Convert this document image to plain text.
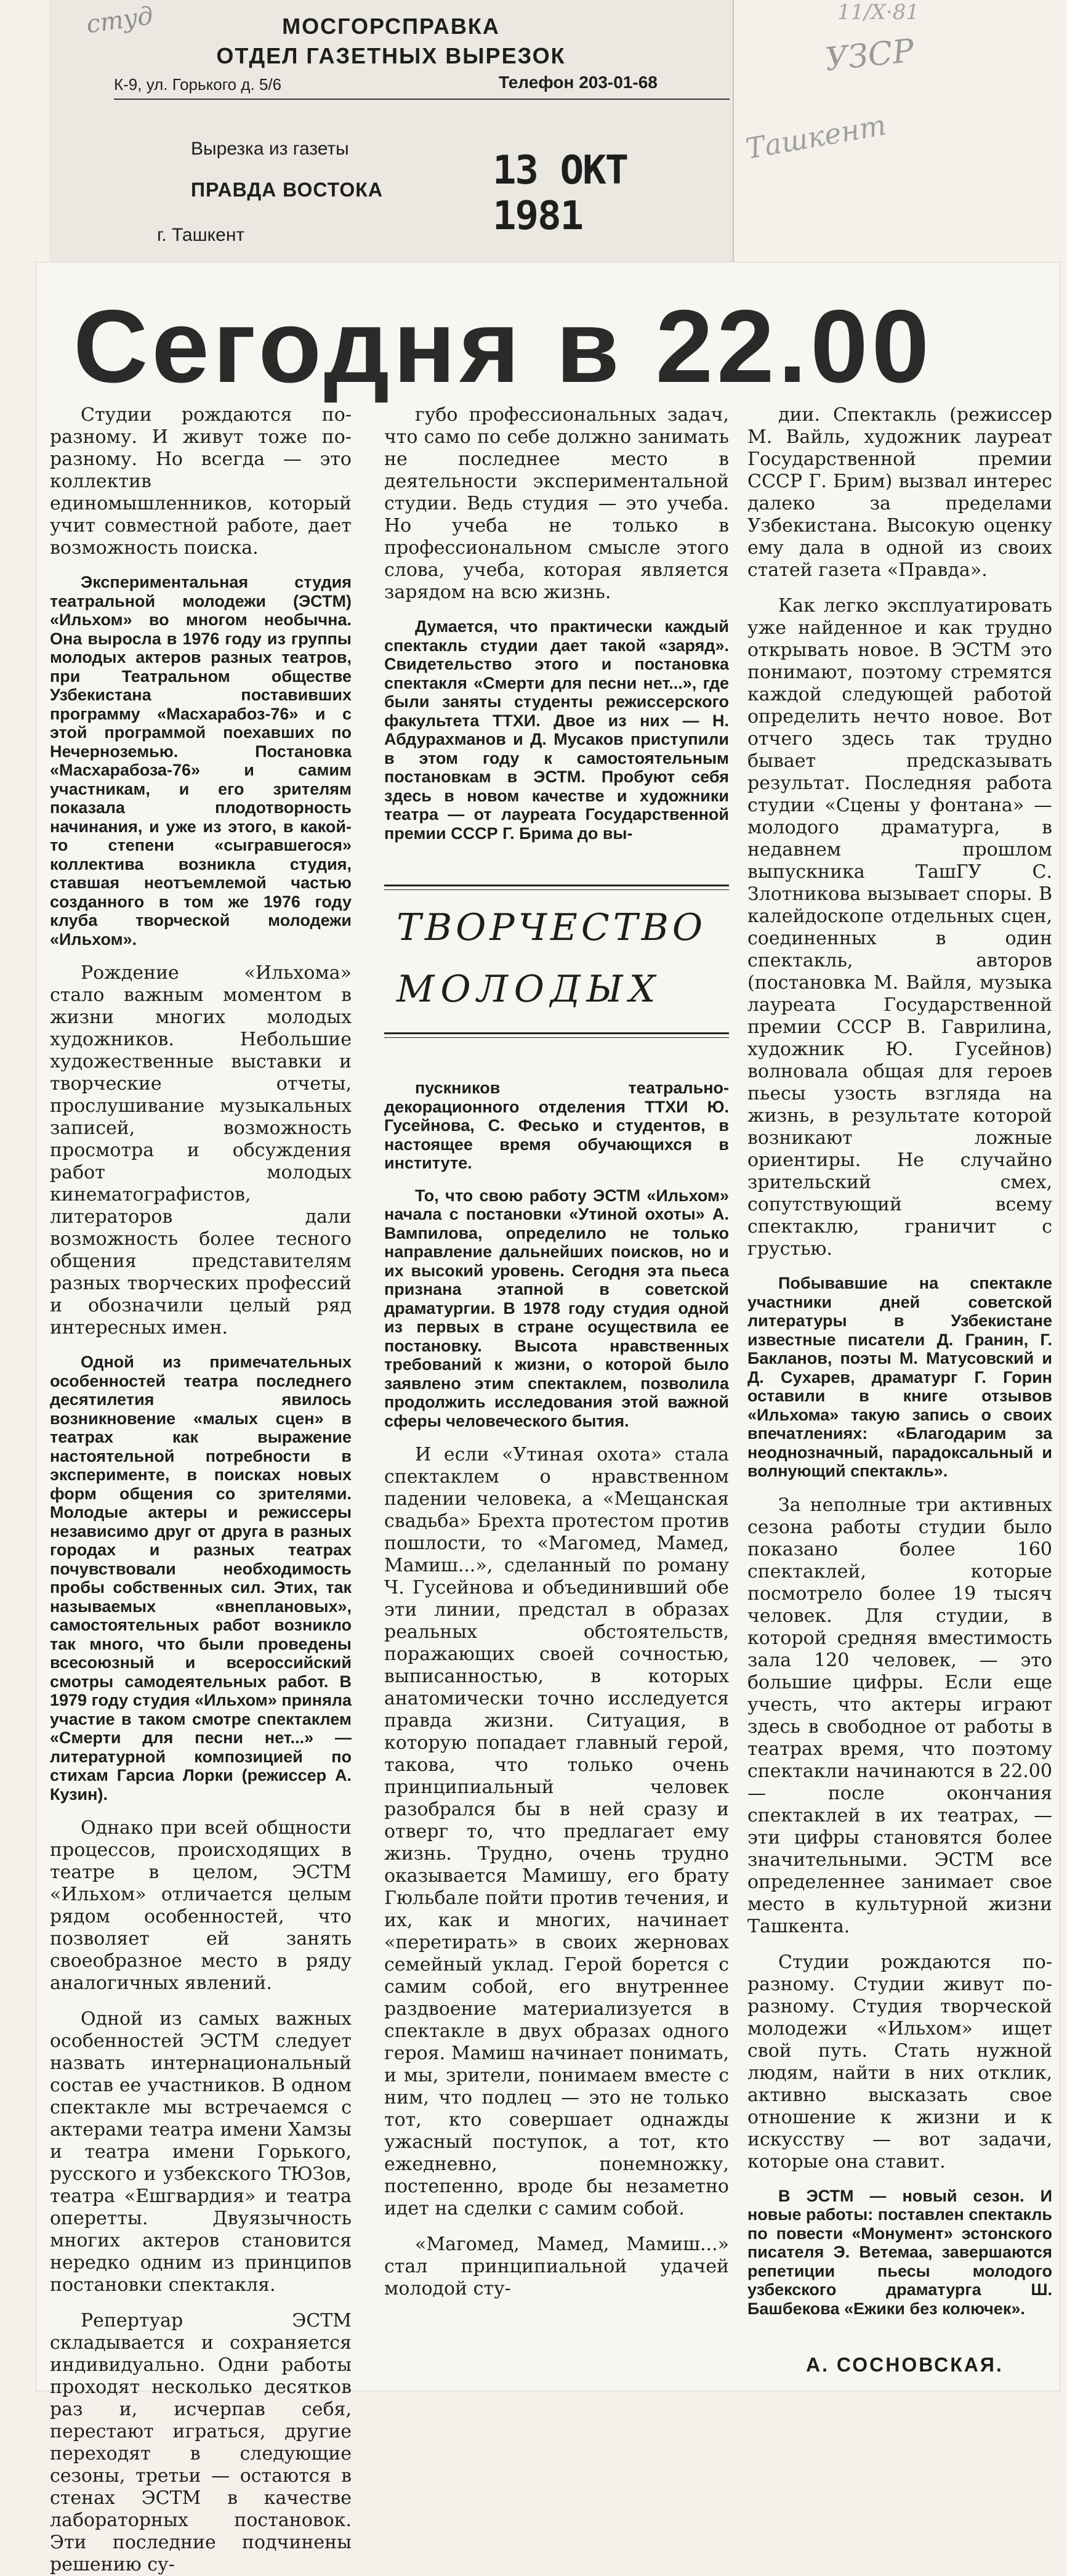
МОСГОРСПРАВКА
ОТДЕЛ ГАЗЕТНЫХ ВЫРЕЗОК
К-9, ул. Горького д. 5/6	Телефон 203-01-68
Вырезка из газеты
ПРАВДА ВОСТОКА	13 ОКТ 1981
г. Ташкент
студ
УЗСР
Ташкент
11/Х·81
Сегодня в 22.00

Студии рождаются по-разному. И живут тоже по-разному. Но всегда — это коллектив единомышленников, который учит совместной работе, дает возможность поиска.

Экспериментальная студия театральной молодежи (ЭСТМ) «Ильхом» во многом необычна. Она выросла в 1976 году из группы молодых актеров разных театров, при Театральном обществе Узбекистана поставивших программу «Масхарабоз-76» и с этой программой поехавших по Нечерноземью. Постановка «Масхарабоза-76» и самим участникам, и его зрителям показала плодотворность начинания, и уже из этого, в какой-то степени «сыгравшегося» коллектива возникла студия, ставшая неотъемлемой частью созданного в том же 1976 году клуба творческой молодежи «Ильхом».

Рождение «Ильхома» стало важным моментом в жизни многих молодых художников. Небольшие художественные выставки и творческие отчеты, прослушивание музыкальных записей, возможность просмотра и обсуждения работ молодых кинематографистов, литераторов дали возможность более тесного общения представителям разных творческих профессий и обозначили целый ряд интересных имен.

Одной из примечательных особенностей театра последнего десятилетия явилось возникновение «малых сцен» в театрах как выражение настоятельной потребности в эксперименте, в поисках новых форм общения со зрителями. Молодые актеры и режиссеры независимо друг от друга в разных городах и разных театрах почувствовали необходимость пробы собственных сил. Этих, так называемых «внеплановых», самостоятельных работ возникло так много, что были проведены всесоюзный и всероссийский смотры самодеятельных работ. В 1979 году студия «Ильхом» приняла участие в таком смотре спектаклем «Смерти для песни нет...» — литературной композицией по стихам Гарсиа Лорки (режиссер А. Кузин).

Однако при всей общности процессов, происходящих в театре в целом, ЭСТМ «Ильхом» отличается целым рядом особенностей, что позволяет ей занять своеобразное место в ряду аналогичных явлений.

Одной из самых важных особенностей ЭСТМ следует назвать интернациональный состав ее участников. В одном спектакле мы встречаемся с актерами театра имени Хамзы и театра имени Горького, русского и узбекского ТЮЗов, театра «Ешгвардия» и театра оперетты. Двуязычность многих актеров становится нередко одним из принципов постановки спектакля.

Репертуар ЭСТМ складывается и сохраняется индивидуально. Одни работы проходят несколько десятков раз и, исчерпав себя, перестают играться, другие переходят в следующие сезоны, третьи — остаются в стенах ЭСТМ в качестве лабораторных постановок. Эти последние подчинены решению су-

губо профессиональных задач, что само по себе должно занимать не последнее место в деятельности экспериментальной студии. Ведь студия — это учеба. Но учеба не только в профессиональном смысле этого слова, учеба, которая является зарядом на всю жизнь.

Думается, что практически каждый спектакль студии дает такой «заряд». Свидетельство этого и постановка спектакля «Смерти для песни нет...», где были заняты студенты режиссерского факультета ТТХИ. Двое из них — Н. Абдурахманов и Д. Мусаков приступили в этом году к самостоятельным постановкам в ЭСТМ. Пробуют себя здесь в новом качестве и художники театра — от лауреата Государственной премии СССР Г. Брима до вы-

ТВОРЧЕСТВО
МОЛОДЫХ

пускников театрально-декорационного отделения ТТХИ Ю. Гусейнова, С. Фесько и студентов, в настоящее время обучающихся в институте.

То, что свою работу ЭСТМ «Ильхом» начала с постановки «Утиной охоты» А. Вампилова, определило не только направление дальнейших поисков, но и их высокий уровень. Сегодня эта пьеса признана этапной в советской драматургии. В 1978 году студия одной из первых в стране осуществила ее постановку. Высота нравственных требований к жизни, о которой было заявлено этим спектаклем, позволила продолжить исследования этой важной сферы человеческого бытия.

И если «Утиная охота» стала спектаклем о нравственном падении человека, а «Мещанская свадьба» Брехта протестом против пошлости, то «Магомед, Мамед, Мамиш...», сделанный по роману Ч. Гусейнова и объединивший обе эти линии, предстал в образах реальных обстоятельств, поражающих своей сочностью, выписанностью, в которых анатомически точно исследуется правда жизни. Ситуация, в которую попадает главный герой, такова, что только очень принципиальный человек разобрался бы в ней сразу и отверг то, что предлагает ему жизнь. Трудно, очень трудно оказывается Мамишу, его брату Гюльбале пойти против течения, и их, как и многих, начинает «перетирать» в своих жерновах семейный уклад. Герой борется с самим собой, его внутреннее раздвоение материализуется в спектакле в двух образах одного героя. Мамиш начинает понимать, и мы, зрители, понимаем вместе с ним, что подлец — это не только тот, кто совершает однажды ужасный поступок, а тот, кто ежедневно, понемножку, постепенно, вроде бы незаметно идет на сделки с самим собой.

«Магомед, Мамед, Мамиш...» стал принципиальной удачей молодой сту-

дии. Спектакль (режиссер М. Вайль, художник лауреат Государственной премии СССР Г. Брим) вызвал интерес далеко за пределами Узбекистана. Высокую оценку ему дала в одной из своих статей газета «Правда».

Как легко эксплуатировать уже найденное и как трудно открывать новое. В ЭСТМ это понимают, поэтому стремятся каждой следующей работой определить нечто новое. Вот отчего здесь так трудно бывает предсказывать результат. Последняя работа студии «Сцены у фонтана» — молодого драматурга, в недавнем прошлом выпускника ТашГУ С. Злотникова вызывает споры. В калейдоскопе отдельных сцен, соединенных в один спектакль, авторов (постановка М. Вайля, музыка лауреата Государственной премии СССР В. Гаврилина, художник Ю. Гусейнов) волновала общая для героев пьесы узость взгляда на жизнь, в результате которой возникают ложные ориентиры. Не случайно зрительский смех, сопутствующий всему спектаклю, граничит с грустью.

Побывавшие на спектакле участники дней советской литературы в Узбекистане известные писатели Д. Гранин, Г. Бакланов, поэты М. Матусовский и Д. Сухарев, драматург Г. Горин оставили в книге отзывов «Ильхома» такую запись о своих впечатлениях: «Благодарим за неоднозначный, парадоксальный и волнующий спектакль».

За неполные три активных сезона работы студии было показано более 160 спектаклей, которые посмотрело более 19 тысяч человек. Для студии, в которой средняя вместимость зала 120 человек, — это большие цифры. Если еще учесть, что актеры играют здесь в свободное от работы в театрах время, что поэтому спектакли начинаются в 22.00 — после окончания спектаклей в их театрах, — эти цифры становятся более значительными. ЭСТМ все определеннее занимает свое место в культурной жизни Ташкента.

Студии рождаются по-разному. Студии живут по-разному. Студия творческой молодежи «Ильхом» ищет свой путь. Стать нужной людям, найти в них отклик, активно высказать свое отношение к жизни и к искусству — вот задачи, которые она ставит.

В ЭСТМ — новый сезон. И новые работы: поставлен спектакль по повести «Монумент» эстонского писателя Э. Ветемаа, завершаются репетиции пьесы молодого узбекского драматурга Ш. Башбекова «Ежики без колючек».

А. СОСНОВСКАЯ.
